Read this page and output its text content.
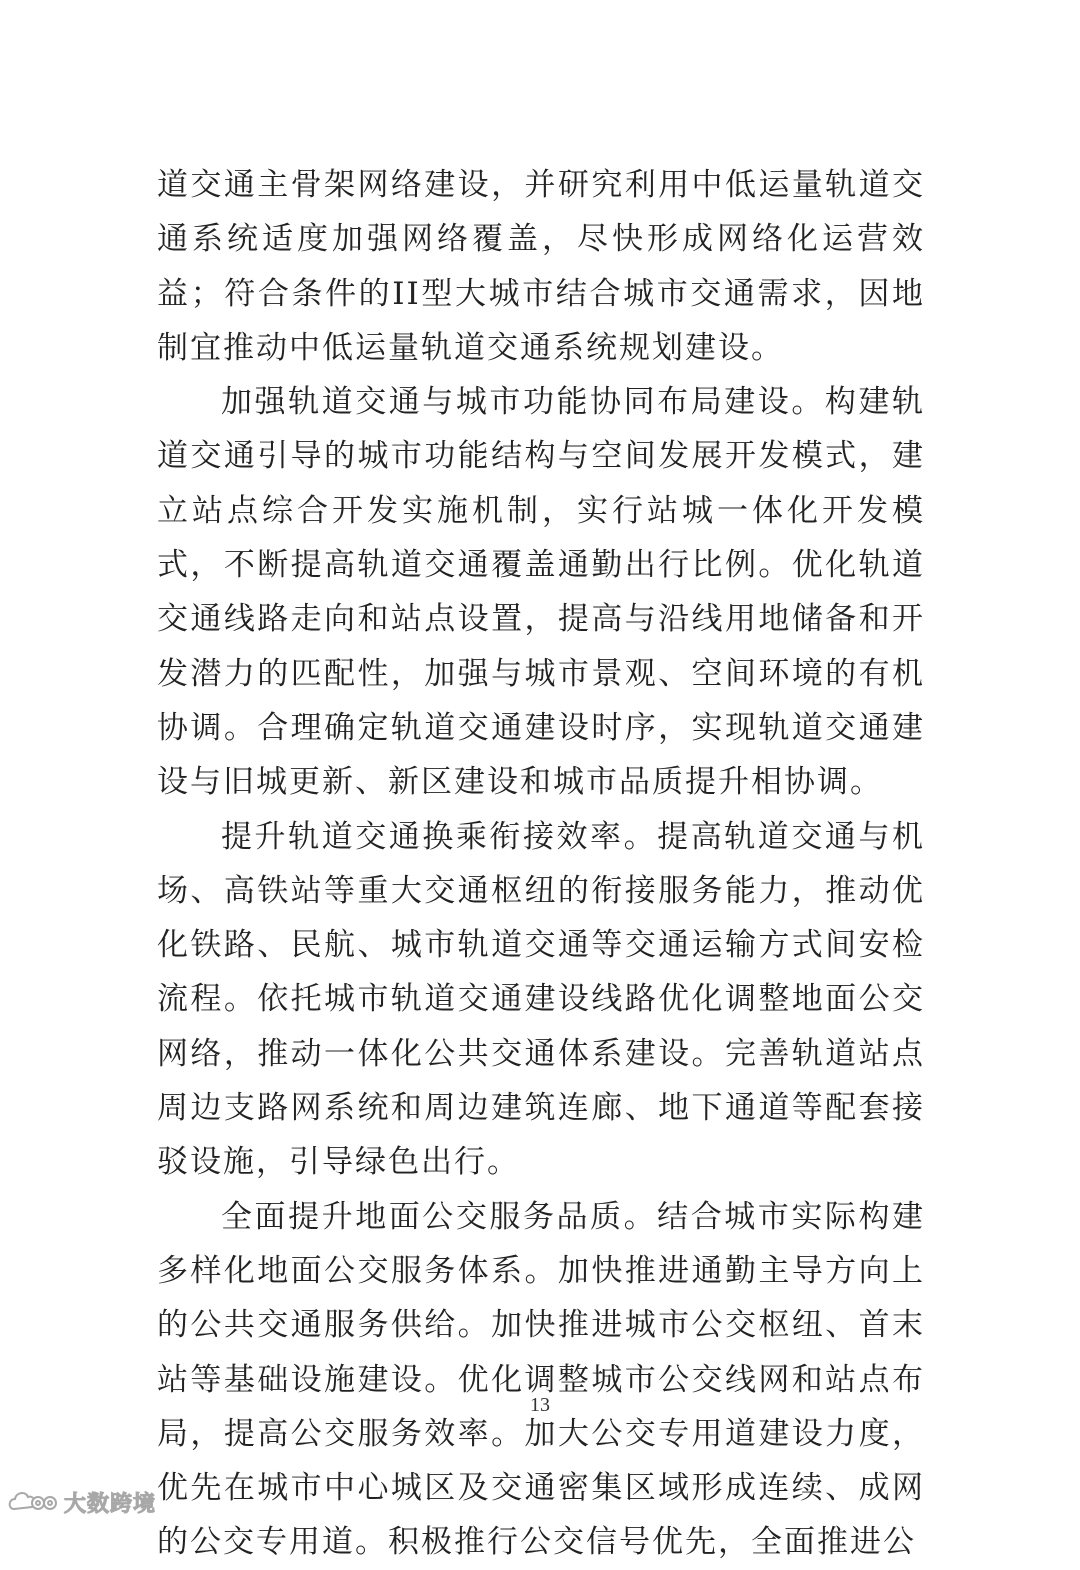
道交通主骨架网络建设，并研究利用中低运量轨道交通系统适度加强网络覆盖，尽快形成网络化运营效益；符合条件的II型大城市结合城市交通需求，因地制宜推动中低运量轨道交通系统规划建设。

加强轨道交通与城市功能协同布局建设。构建轨道交通引导的城市功能结构与空间发展开发模式，建立站点综合开发实施机制，实行站城一体化开发模式，不断提高轨道交通覆盖通勤出行比例。优化轨道交通线路走向和站点设置，提高与沿线用地储备和开发潜力的匹配性，加强与城市景观、空间环境的有机协调。合理确定轨道交通建设时序，实现轨道交通建设与旧城更新、新区建设和城市品质提升相协调。

提升轨道交通换乘衔接效率。提高轨道交通与机场、高铁站等重大交通枢纽的衔接服务能力，推动优化铁路、民航、城市轨道交通等交通运输方式间安检流程。依托城市轨道交通建设线路优化调整地面公交网络，推动一体化公共交通体系建设。完善轨道站点周边支路网系统和周边建筑连廊、地下通道等配套接驳设施，引导绿色出行。

全面提升地面公交服务品质。结合城市实际构建多样化地面公交服务体系。加快推进通勤主导方向上的公共交通服务供给。加快推进城市公交枢纽、首末站等基础设施建设。优化调整城市公交线网和站点布局，提高公交服务效率。加大公交专用道建设力度，优先在城市中心城区及交通密集区域形成连续、成网的公交专用道。积极推行公交信号优先，全面推进公

13
大数跨境
